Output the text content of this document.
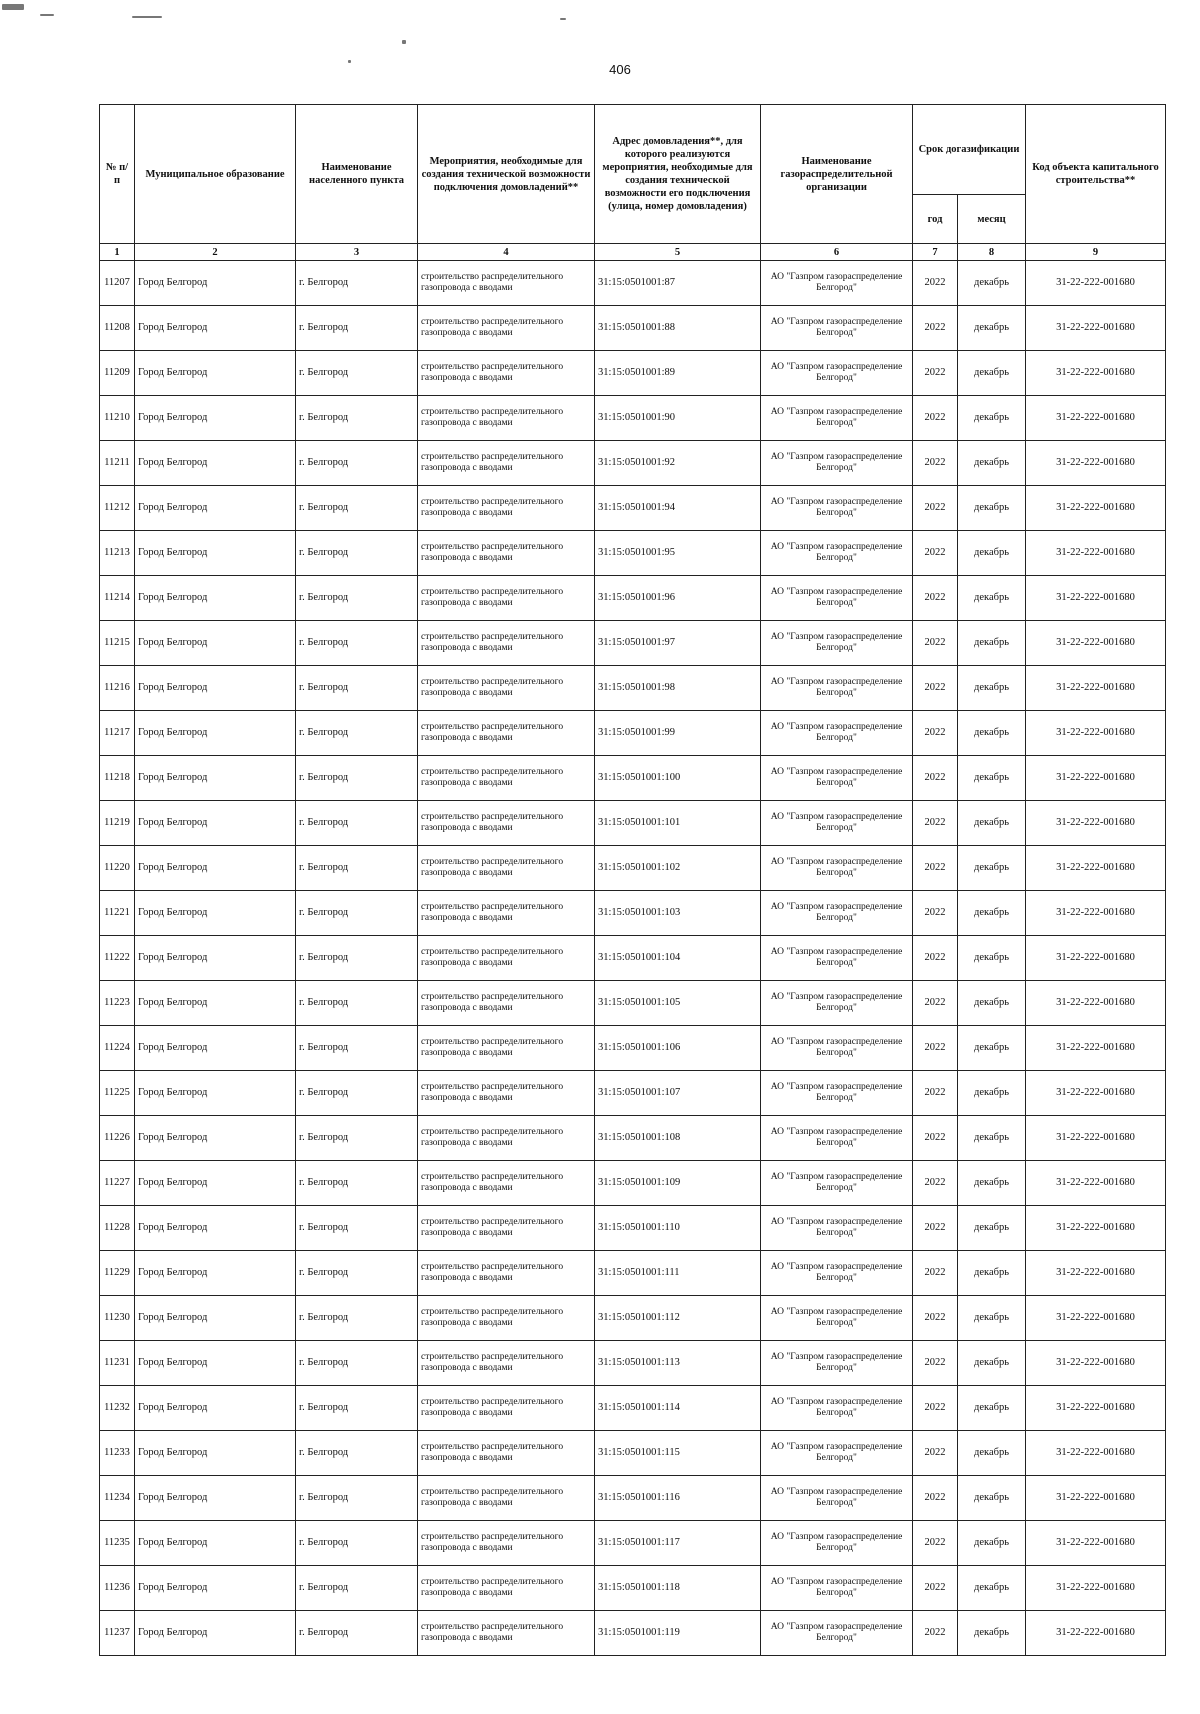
406
№ п/п	Муниципальное образование	Наименование населенного пункта	Мероприятия, необходимые для создания технической возможности подключения домовладений**	Адрес домовладения**, для которого реализуются мероприятия, необходимые для создания технической возможности его подключения (улица, номер домовладения)	Наименование газораспределительной организации	Срок догазификации		Код объекта капитального строительства**
						год	месяц	
1	2	3	4	5	6	7	8	9
11207	Город Белгород	г. Белгород	строительство распределительного газопровода с вводами	31:15:0501001:87	АО "Газпром газораспределение Белгород"	2022	декабрь	31-22-222-001680
11208	Город Белгород	г. Белгород	строительство распределительного газопровода с вводами	31:15:0501001:88	АО "Газпром газораспределение Белгород"	2022	декабрь	31-22-222-001680
11209	Город Белгород	г. Белгород	строительство распределительного газопровода с вводами	31:15:0501001:89	АО "Газпром газораспределение Белгород"	2022	декабрь	31-22-222-001680
11210	Город Белгород	г. Белгород	строительство распределительного газопровода с вводами	31:15:0501001:90	АО "Газпром газораспределение Белгород"	2022	декабрь	31-22-222-001680
11211	Город Белгород	г. Белгород	строительство распределительного газопровода с вводами	31:15:0501001:92	АО "Газпром газораспределение Белгород"	2022	декабрь	31-22-222-001680
11212	Город Белгород	г. Белгород	строительство распределительного газопровода с вводами	31:15:0501001:94	АО "Газпром газораспределение Белгород"	2022	декабрь	31-22-222-001680
11213	Город Белгород	г. Белгород	строительство распределительного газопровода с вводами	31:15:0501001:95	АО "Газпром газораспределение Белгород"	2022	декабрь	31-22-222-001680
11214	Город Белгород	г. Белгород	строительство распределительного газопровода с вводами	31:15:0501001:96	АО "Газпром газораспределение Белгород"	2022	декабрь	31-22-222-001680
11215	Город Белгород	г. Белгород	строительство распределительного газопровода с вводами	31:15:0501001:97	АО "Газпром газораспределение Белгород"	2022	декабрь	31-22-222-001680
11216	Город Белгород	г. Белгород	строительство распределительного газопровода с вводами	31:15:0501001:98	АО "Газпром газораспределение Белгород"	2022	декабрь	31-22-222-001680
11217	Город Белгород	г. Белгород	строительство распределительного газопровода с вводами	31:15:0501001:99	АО "Газпром газораспределение Белгород"	2022	декабрь	31-22-222-001680
11218	Город Белгород	г. Белгород	строительство распределительного газопровода с вводами	31:15:0501001:100	АО "Газпром газораспределение Белгород"	2022	декабрь	31-22-222-001680
11219	Город Белгород	г. Белгород	строительство распределительного газопровода с вводами	31:15:0501001:101	АО "Газпром газораспределение Белгород"	2022	декабрь	31-22-222-001680
11220	Город Белгород	г. Белгород	строительство распределительного газопровода с вводами	31:15:0501001:102	АО "Газпром газораспределение Белгород"	2022	декабрь	31-22-222-001680
11221	Город Белгород	г. Белгород	строительство распределительного газопровода с вводами	31:15:0501001:103	АО "Газпром газораспределение Белгород"	2022	декабрь	31-22-222-001680
11222	Город Белгород	г. Белгород	строительство распределительного газопровода с вводами	31:15:0501001:104	АО "Газпром газораспределение Белгород"	2022	декабрь	31-22-222-001680
11223	Город Белгород	г. Белгород	строительство распределительного газопровода с вводами	31:15:0501001:105	АО "Газпром газораспределение Белгород"	2022	декабрь	31-22-222-001680
11224	Город Белгород	г. Белгород	строительство распределительного газопровода с вводами	31:15:0501001:106	АО "Газпром газораспределение Белгород"	2022	декабрь	31-22-222-001680
11225	Город Белгород	г. Белгород	строительство распределительного газопровода с вводами	31:15:0501001:107	АО "Газпром газораспределение Белгород"	2022	декабрь	31-22-222-001680
11226	Город Белгород	г. Белгород	строительство распределительного газопровода с вводами	31:15:0501001:108	АО "Газпром газораспределение Белгород"	2022	декабрь	31-22-222-001680
11227	Город Белгород	г. Белгород	строительство распределительного газопровода с вводами	31:15:0501001:109	АО "Газпром газораспределение Белгород"	2022	декабрь	31-22-222-001680
11228	Город Белгород	г. Белгород	строительство распределительного газопровода с вводами	31:15:0501001:110	АО "Газпром газораспределение Белгород"	2022	декабрь	31-22-222-001680
11229	Город Белгород	г. Белгород	строительство распределительного газопровода с вводами	31:15:0501001:111	АО "Газпром газораспределение Белгород"	2022	декабрь	31-22-222-001680
11230	Город Белгород	г. Белгород	строительство распределительного газопровода с вводами	31:15:0501001:112	АО "Газпром газораспределение Белгород"	2022	декабрь	31-22-222-001680
11231	Город Белгород	г. Белгород	строительство распределительного газопровода с вводами	31:15:0501001:113	АО "Газпром газораспределение Белгород"	2022	декабрь	31-22-222-001680
11232	Город Белгород	г. Белгород	строительство распределительного газопровода с вводами	31:15:0501001:114	АО "Газпром газораспределение Белгород"	2022	декабрь	31-22-222-001680
11233	Город Белгород	г. Белгород	строительство распределительного газопровода с вводами	31:15:0501001:115	АО "Газпром газораспределение Белгород"	2022	декабрь	31-22-222-001680
11234	Город Белгород	г. Белгород	строительство распределительного газопровода с вводами	31:15:0501001:116	АО "Газпром газораспределение Белгород"	2022	декабрь	31-22-222-001680
11235	Город Белгород	г. Белгород	строительство распределительного газопровода с вводами	31:15:0501001:117	АО "Газпром газораспределение Белгород"	2022	декабрь	31-22-222-001680
11236	Город Белгород	г. Белгород	строительство распределительного газопровода с вводами	31:15:0501001:118	АО "Газпром газораспределение Белгород"	2022	декабрь	31-22-222-001680
11237	Город Белгород	г. Белгород	строительство распределительного газопровода с вводами	31:15:0501001:119	АО "Газпром газораспределение Белгород"	2022	декабрь	31-22-222-001680
